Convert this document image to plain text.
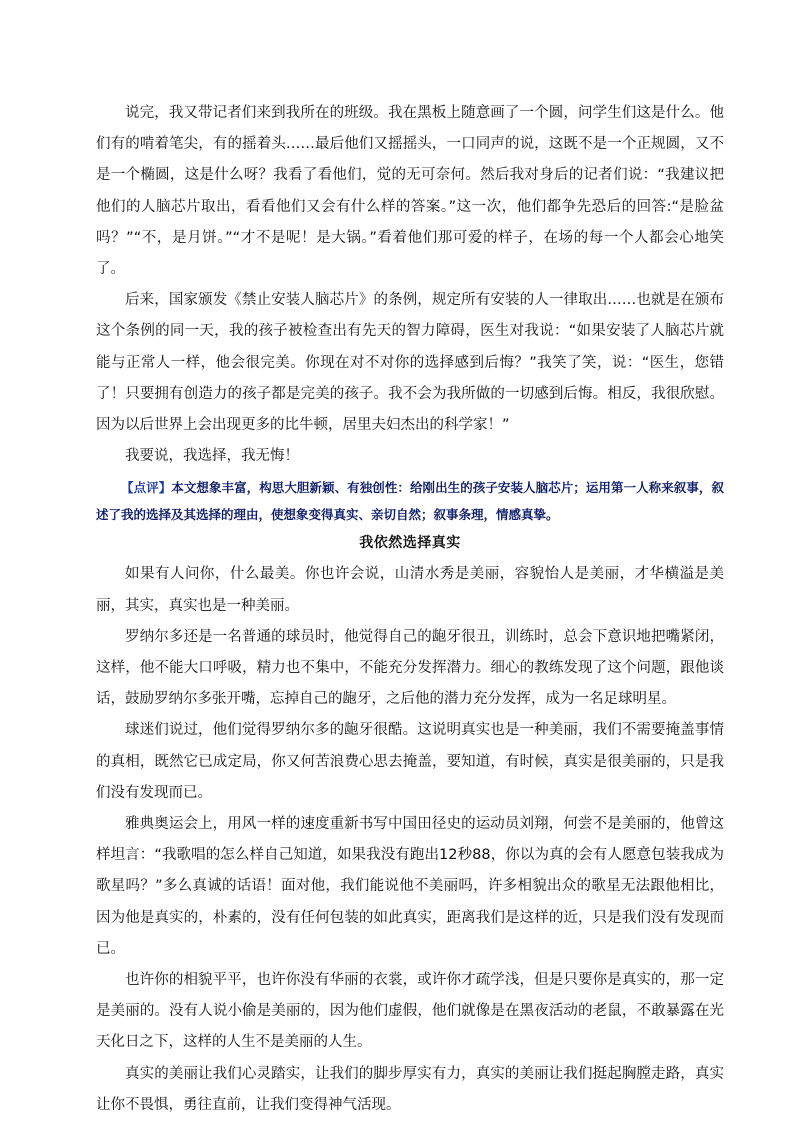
说完，我又带记者们来到我所在的班级。我在黑板上随意画了一个圆，问学生们这是什么。他们有的啃着笔尖，有的摇着头……最后他们又摇摇头，一口同声的说，这既不是一个正规圆，又不是一个椭圆，这是什么呀？我看了看他们，觉的无可奈何。然后我对身后的记者们说：“我建议把他们的人脑芯片取出，看看他们又会有什么样的答案。”这一次，他们都争先恐后的回答:“是脸盆吗？”“不，是月饼。”“才不是呢！是大锅。”看着他们那可爱的样子，在场的每一个人都会心地笑了。

后来，国家颁发《禁止安装人脑芯片》的条例，规定所有安装的人一律取出……也就是在颁布这个条例的同一天，我的孩子被检查出有先天的智力障碍，医生对我说：“如果安装了人脑芯片就能与正常人一样，他会很完美。你现在对不对你的选择感到后悔？”我笑了笑，说：“医生，您错了！只要拥有创造力的孩子都是完美的孩子。我不会为我所做的一切感到后悔。相反，我很欣慰。因为以后世界上会出现更多的比牛顿，居里夫妇杰出的科学家！”

我要说，我选择，我无悔！

【点评】本文想象丰富，构思大胆新颖、有独创性：给刚出生的孩子安装人脑芯片；运用第一人称来叙事，叙述了我的选择及其选择的理由，使想象变得真实、亲切自然；叙事条理，情感真挚。

我依然选择真实

如果有人问你，什么最美。你也许会说，山清水秀是美丽，容貌怡人是美丽，才华横溢是美丽，其实，真实也是一种美丽。

罗纳尔多还是一名普通的球员时，他觉得自己的龅牙很丑，训练时，总会下意识地把嘴紧闭，这样，他不能大口呼吸，精力也不集中，不能充分发挥潜力。细心的教练发现了这个问题，跟他谈话，鼓励罗纳尔多张开嘴，忘掉自己的龅牙，之后他的潜力充分发挥，成为一名足球明星。

球迷们说过，他们觉得罗纳尔多的龅牙很酷。这说明真实也是一种美丽，我们不需要掩盖事情的真相，既然它已成定局，你又何苦浪费心思去掩盖，要知道，有时候，真实是很美丽的，只是我们没有发现而已。

雅典奥运会上，用风一样的速度重新书写中国田径史的运动员刘翔，何尝不是美丽的，他曾这样坦言：“我歌唱的怎么样自己知道，如果我没有跑出12秒88，你以为真的会有人愿意包装我成为歌星吗？”多么真诚的话语！面对他，我们能说他不美丽吗，许多相貌出众的歌星无法跟他相比，因为他是真实的，朴素的，没有任何包装的如此真实，距离我们是这样的近，只是我们没有发现而已。

也许你的相貌平平，也许你没有华丽的衣裳，或许你才疏学浅，但是只要你是真实的，那一定是美丽的。没有人说小偷是美丽的，因为他们虚假，他们就像是在黑夜活动的老鼠，不敢暴露在光天化日之下，这样的人生不是美丽的人生。

真实的美丽让我们心灵踏实，让我们的脚步厚实有力，真实的美丽让我们挺起胸膛走路，真实让你不畏惧，勇往直前，让我们变得神气活现。
